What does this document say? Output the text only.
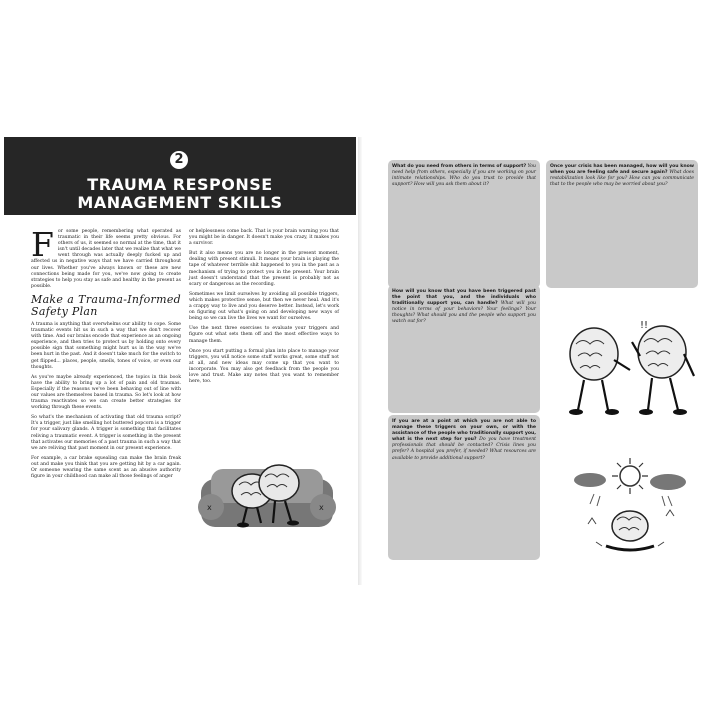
2
TRAUMA RESPONSE
MANAGEMENT SKILLS

For some people, remembering what operated as traumatic in their life seems pretty obvious. For others of us, it seemed so normal at the time, that it isn't until decades later that we realize that what we went through was actually deeply fucked up and affected us in negative ways that we have carried throughout our lives. Whether you've always known or these are new connections being made for you, we've now going to create strategies to help you stay as safe and healthy in the present as possible.

Make a Trauma-Informed Safety Plan

A trauma is anything that overwhelms our ability to cope. Some traumatic events hit us in such a way that we don't recover with time. And our brains encode that experience as an ongoing experience, and then tries to protect us by holding onto every possible sign that something might hurt us in the way we've been hurt in the past. And it doesn't take much for the switch to get flipped... places, people, smells, tones of voice, or even our thoughts.

As you've maybe already experienced, the topics in this book have the ability to bring up a lot of pain and old traumas. Especially if the reasons we've been behaving out of line with our values are themselves based in trauma. So let's look at how trauma reactivates so we can create better strategies for working through these events.

So what's the mechanism of activating that old trauma script? It's a trigger, just like smelling hot buttered popcorn is a trigger for your salivary glands. A trigger is something that facilitates reliving a traumatic event. A trigger is something in the present that activates our memories of a past trauma in such a way that we are reliving that past moment in our present experience.

For example, a car brake squealing can make the brain freak out and make you think that you are getting hit by a car again. Or someone wearing the same scent as an abusive authority figure in your childhood can make all those feelings of anger

or helplessness come back. That is your brain warning you that you might be in danger. It doesn't make you crazy, it makes you a survivor.

But it also means you are no longer in the present moment, dealing with present stimuli. It means your brain is playing the tape of whatever terrible shit happened to you in the past as a mechanism of trying to protect you in the present. Your brain just doesn't understand that the present is probably not as scary or dangerous as the recording.

Sometimes we limit ourselves by avoiding all possible triggers, which makes protective sense, but then we never heal. And it's a crappy way to live and you deserve better. Instead, let's work on figuring out what's going on and developing new ways of being so we can live the lives we want for ourselves.

Use the next three exercises to evaluate your triggers and figure out what sets them off and the most effective ways to manage them.

Once you start putting a formal plan into place to manage your triggers, you will notice some stuff works great, some stuff not at all, and new ideas may come up that you want to incorporate. You may also get feedback from the people you love and trust. Make any notes that you want to remember here, too.

x	x
What do you need from others in terms of support? You need help from others, especially if you are working on your intimate relationships. Who do you trust to provide that support? How will you ask them about it?
Once your crisis has been managed, how will you know when you are feeling safe and secure again? What does restabilization look like for you? How can you communicate that to the people who may be worried about you?
How will you know that you have been triggered past the point that you, and the individuals who traditionally support you, can handle? What will you notice in terms of your behaviors? Your feelings? Your thoughts? What should you and the people who support you watch out for?
If you are at a point at which you are not able to manage these triggers on your own, or with the assistance of the people who traditionally support you, what is the next step for you? Do you have treatment professionals that should be contacted? Crisis lines you prefer? A hospital you prefer, if needed? What resources are available to provide additional support?
!!
